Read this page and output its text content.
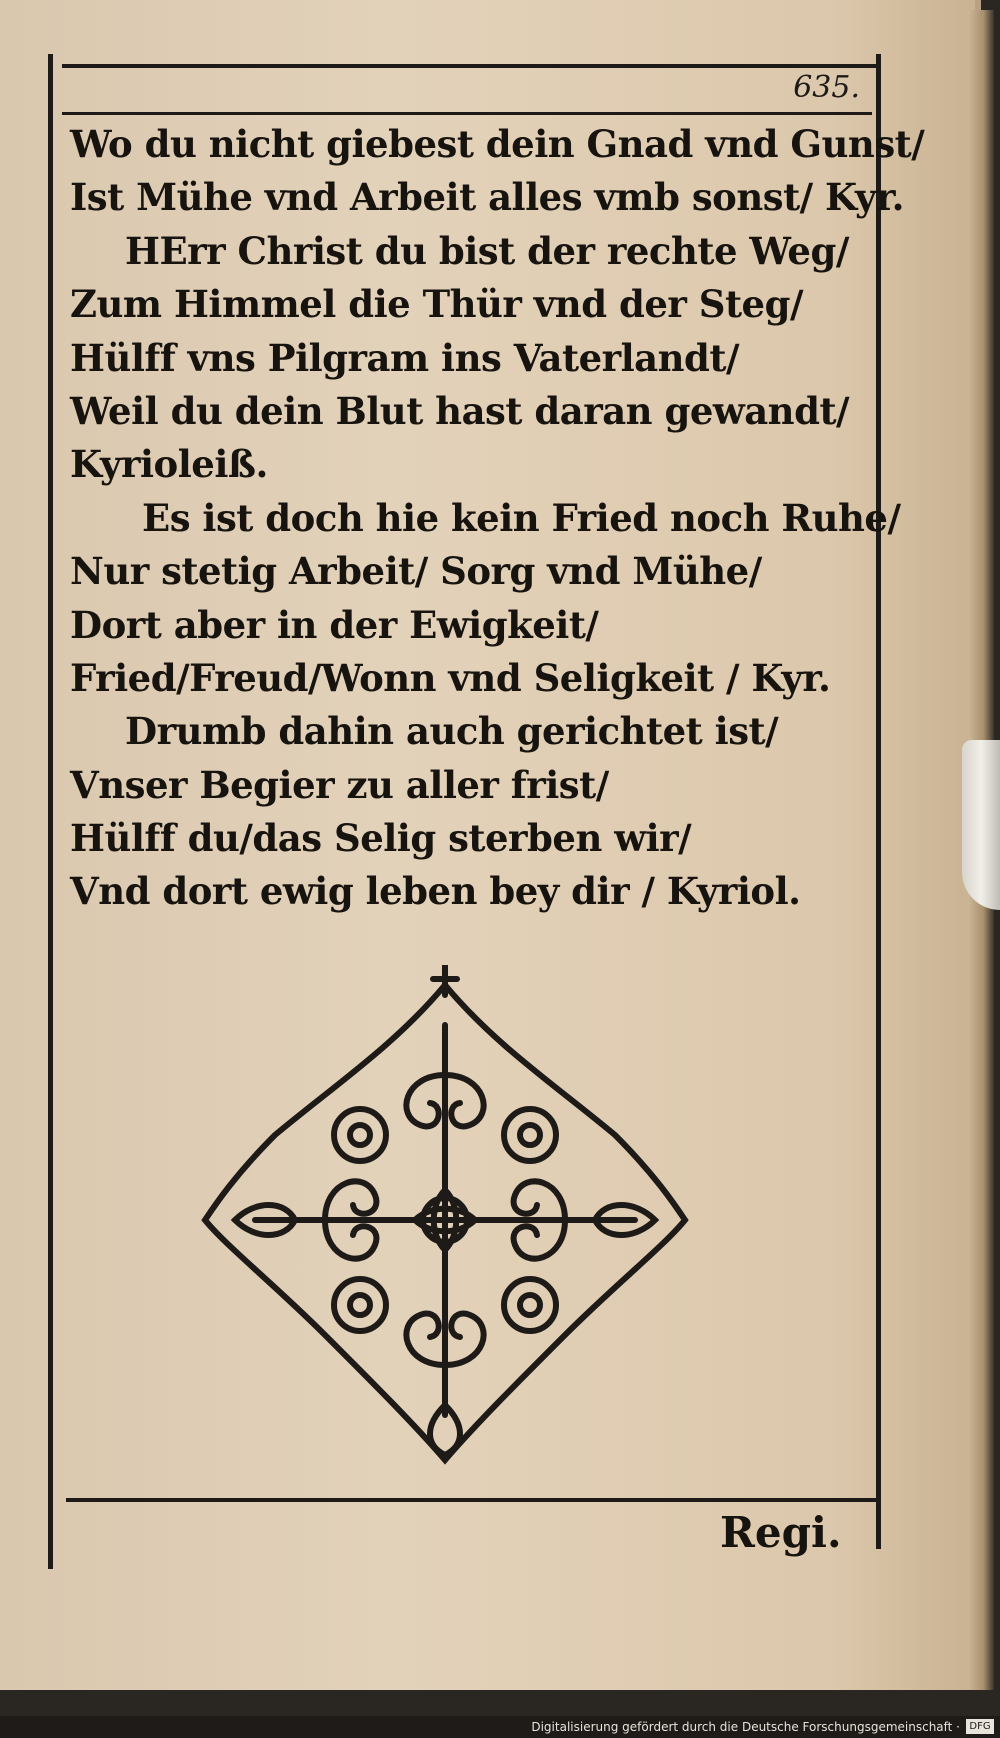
635.
Wo du nicht giebest dein Gnad vnd Gunst/
Ist Mühe vnd Arbeit alles vmb sonst/ Kyr.
HErr Christ du bist der rechte Weg/
Zum Himmel die Thür vnd der Steg/
Hülff vns Pilgram ins Vaterlandt/
Weil du dein Blut hast daran gewandt/
Kyrioleiß.
Es ist doch hie kein Fried noch Ruhe/
Nur stetig Arbeit/ Sorg vnd Mühe/
Dort aber in der Ewigkeit/
Fried/Freud/Wonn vnd Seligkeit / Kyr.
Drumb dahin auch gerichtet ist/
Vnser Begier zu aller frist/
Hülff du/das Selig sterben wir/
Vnd dort ewig leben bey dir / Kyriol.
Regi.
Digitalisierung gefördert durch die Deutsche Forschungsgemeinschaft · DFG
